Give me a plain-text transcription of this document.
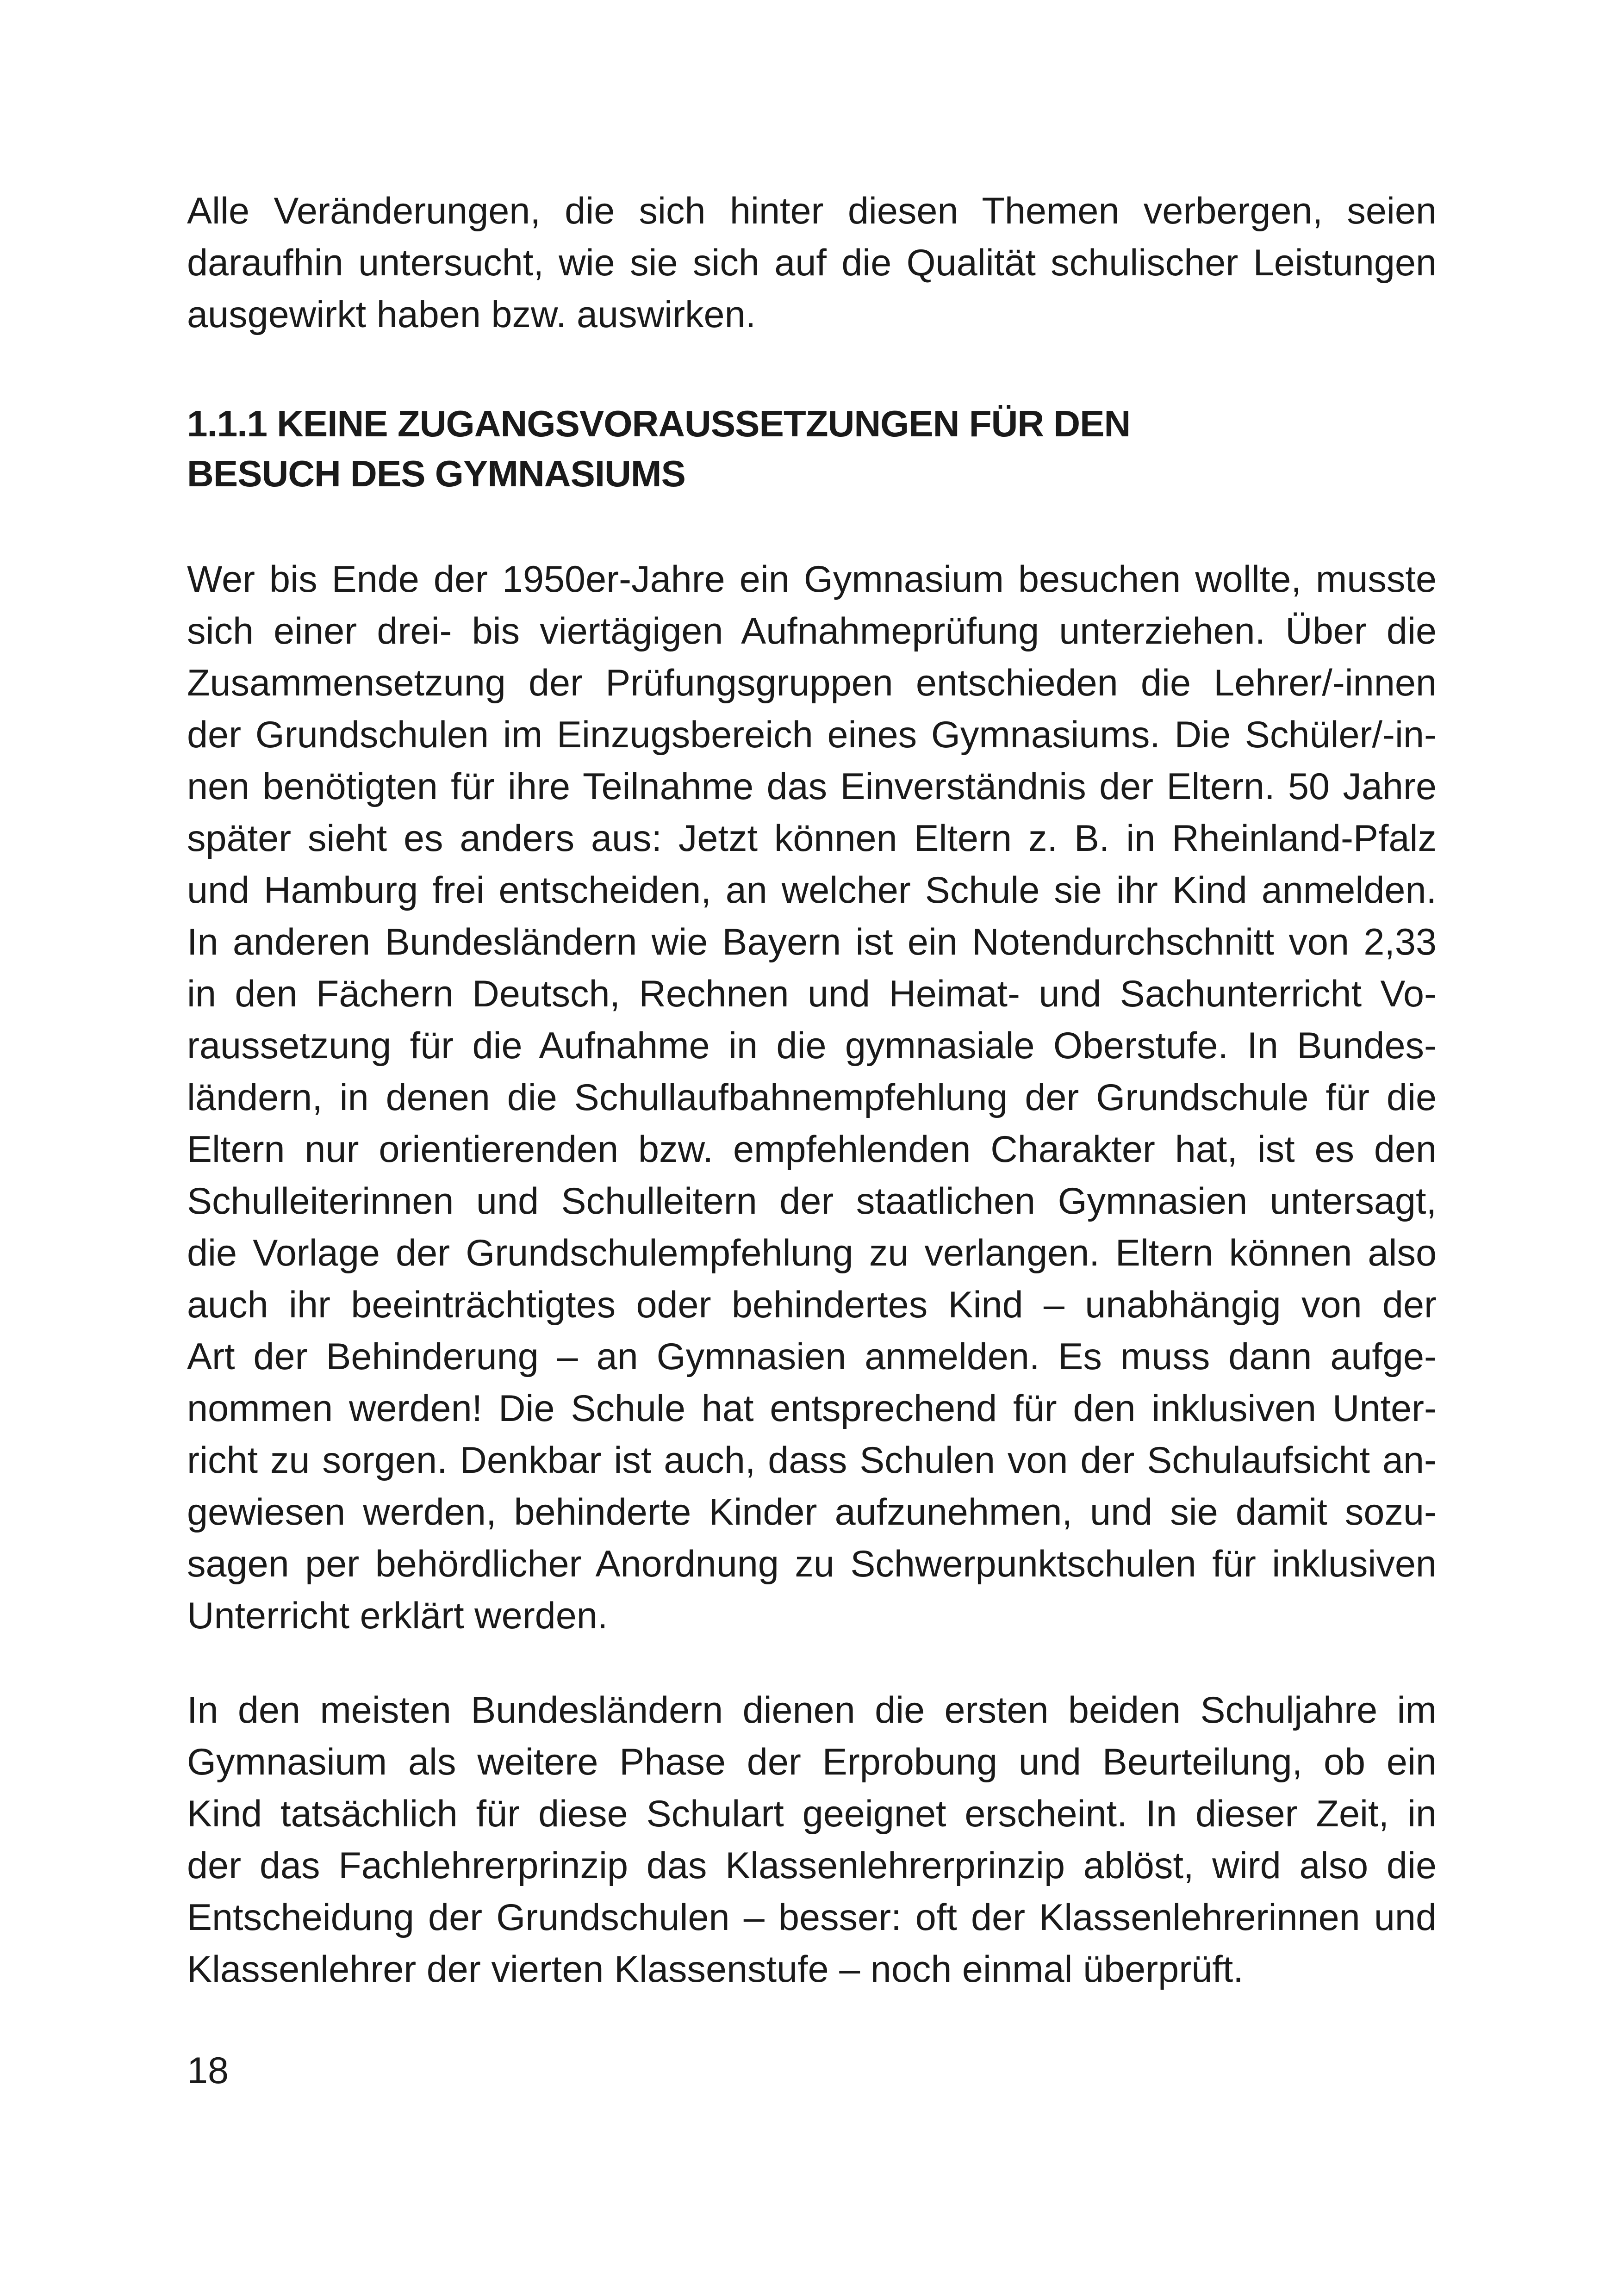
Alle Veränderungen, die sich hinter diesen Themen verbergen, seien
daraufhin untersucht, wie sie sich auf die Qualität schulischer Leistungen
ausgewirkt haben bzw. auswirken.
1.1.1 KEINE ZUGANGSVORAUSSETZUNGEN FÜR DEN
BESUCH DES GYMNASIUMS
Wer bis Ende der 1950er-Jahre ein Gymnasium besuchen wollte, musste
sich einer drei- bis viertägigen Aufnahmeprüfung unterziehen. Über die
Zusammensetzung der Prüfungsgruppen entschieden die Lehrer/-innen
der Grundschulen im Einzugsbereich eines Gymnasiums. Die Schüler/-in-
nen benötigten für ihre Teilnahme das Einverständnis der Eltern. 50 Jahre
später sieht es anders aus: Jetzt können Eltern z. B. in Rheinland-Pfalz
und Hamburg frei entscheiden, an welcher Schule sie ihr Kind anmelden.
In anderen Bundesländern wie Bayern ist ein Notendurchschnitt von 2,33
in den Fächern Deutsch, Rechnen und Heimat- und Sachunterricht Vo-
raussetzung für die Aufnahme in die gymnasiale Oberstufe. In Bundes-
ländern, in denen die Schullaufbahnempfehlung der Grundschule für die
Eltern nur orientierenden bzw. empfehlenden Charakter hat, ist es den
Schulleiterinnen und Schulleitern der staatlichen Gymnasien untersagt,
die Vorlage der Grundschulempfehlung zu verlangen. Eltern können also
auch ihr beeinträchtigtes oder behindertes Kind – unabhängig von der
Art der Behinderung – an Gymnasien anmelden. Es muss dann aufge-
nommen werden! Die Schule hat entsprechend für den inklusiven Unter-
richt zu sorgen. Denkbar ist auch, dass Schulen von der Schulaufsicht an-
gewiesen werden, behinderte Kinder aufzunehmen, und sie damit sozu-
sagen per behördlicher Anordnung zu Schwerpunktschulen für inklusiven
Unterricht erklärt werden.
In den meisten Bundesländern dienen die ersten beiden Schuljahre im
Gymnasium als weitere Phase der Erprobung und Beurteilung, ob ein
Kind tatsächlich für diese Schulart geeignet erscheint. In dieser Zeit, in
der das Fachlehrerprinzip das Klassenlehrerprinzip ablöst, wird also die
Entscheidung der Grundschulen – besser: oft der Klassenlehrerinnen und
Klassenlehrer der vierten Klassenstufe – noch einmal überprüft.
18
